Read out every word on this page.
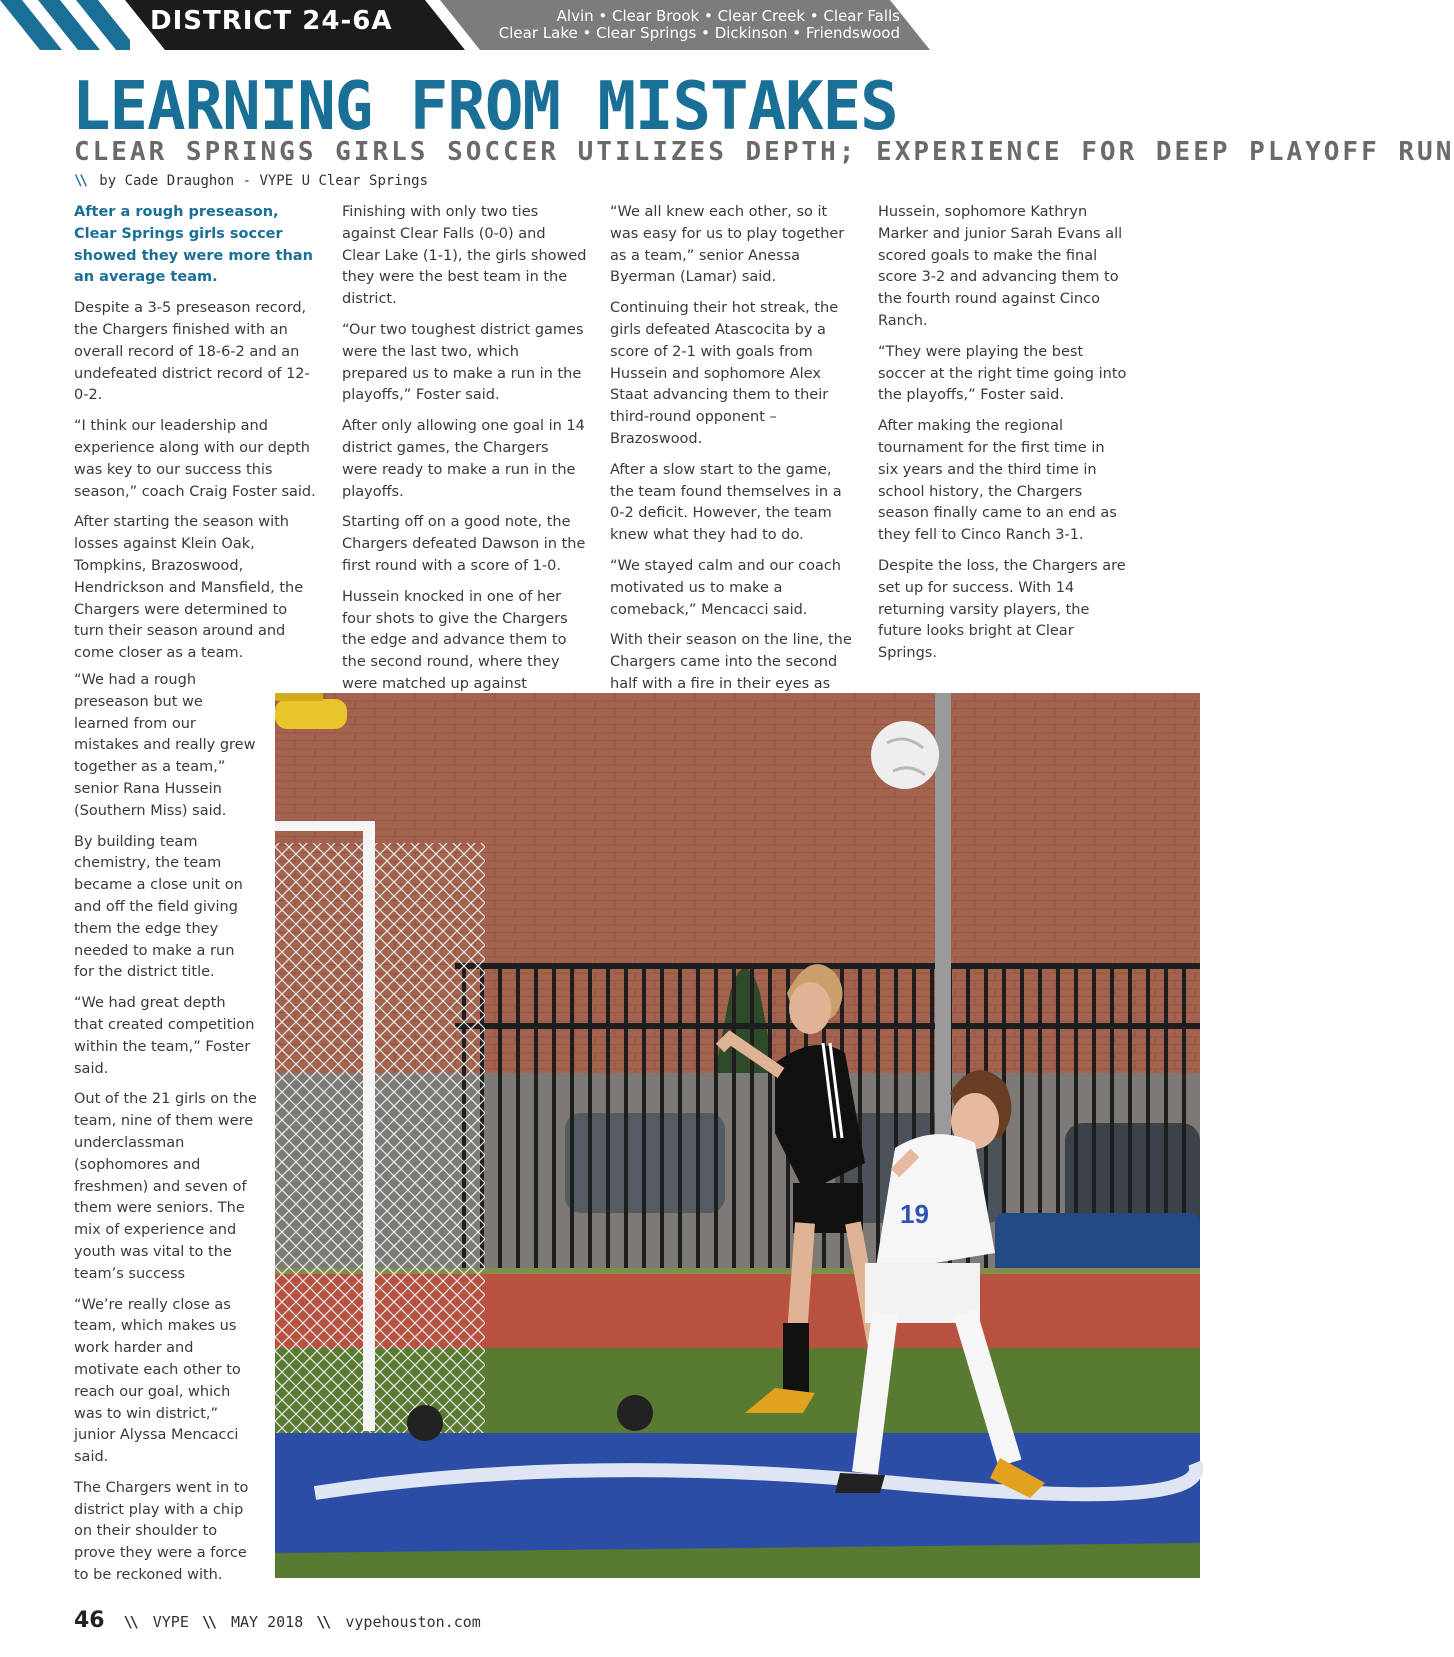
DISTRICT 24-6A	Alvin • Clear Brook • Clear Creek • Clear Falls
Clear Lake • Clear Springs • Dickinson • Friendswood
LEARNING FROM MISTAKES
CLEAR SPRINGS GIRLS SOCCER UTILIZES DEPTH; EXPERIENCE FOR DEEP PLAYOFF RUN
\\ by Cade Draughon - VYPE U Clear Springs

After a rough preseason, Clear Springs girls soccer showed they were more than an average team.

Despite a 3-5 preseason record, the Chargers finished with an overall record of 18-6-2 and an undefeated district record of 12-0-2.

“I think our leadership and experience along with our depth was key to our success this season,” coach Craig Foster said.

After starting the season with losses against Klein Oak, Tompkins, Brazoswood, Hendrickson and Mansfield, the Chargers were determined to turn their season around and come closer as a team.

“We had a rough preseason but we learned from our mistakes and really grew together as a team,” senior Rana Hussein (Southern Miss) said.

By building team chemistry, the team became a close unit on and off the field giving them the edge they needed to make a run for the district title.

“We had great depth that created competition within the team,” Foster said.

Out of the 21 girls on the team, nine of them were underclassman (sophomores and freshmen) and seven of them were seniors. The mix of experience and youth was vital to the team’s success

“We’re really close as team, which makes us work harder and motivate each other to reach our goal, which was to win district,” junior Alyssa Mencacci said.

The Chargers went in to district play with a chip on their shoulder to prove they were a force to be reckoned with.

Finishing with only two ties against Clear Falls (0-0) and Clear Lake (1-1), the girls showed they were the best team in the district.

“Our two toughest district games were the last two, which prepared us to make a run in the playoffs,” Foster said.

After only allowing one goal in 14 district games, the Chargers were ready to make a run in the playoffs.

Starting off on a good note, the Chargers defeated Dawson in the first round with a score of 1-0.

Hussein knocked in one of her four shots to give the Chargers the edge and advance them to the second round, where they were matched up against

“We all knew each other, so it was easy for us to play together as a team,” senior Anessa Byerman (Lamar) said.

Continuing their hot streak, the girls defeated Atascocita by a score of 2-1 with goals from Hussein and sophomore Alex Staat advancing them to their third-round opponent – Brazoswood.

After a slow start to the game, the team found themselves in a 0-2 deficit. However, the team knew what they had to do.

“We stayed calm and our coach motivated us to make a comeback,” Mencacci said.

With their season on the line, the Chargers came into the second half with a fire in their eyes as

Hussein, sophomore Kathryn Marker and junior Sarah Evans all scored goals to make the final score 3-2 and advancing them to the fourth round against Cinco Ranch.

“They were playing the best soccer at the right time going into the playoffs,” Foster said.

After making the regional tournament for the first time in six years and the third time in school history, the Chargers season finally came to an end as they fell to Cinco Ranch 3-1.

Despite the loss, the Chargers are set up for success. With 14 returning varsity players, the future looks bright at Clear Springs.

19
46 \\ VYPE \\ MAY 2018 \\ vypehouston.com
